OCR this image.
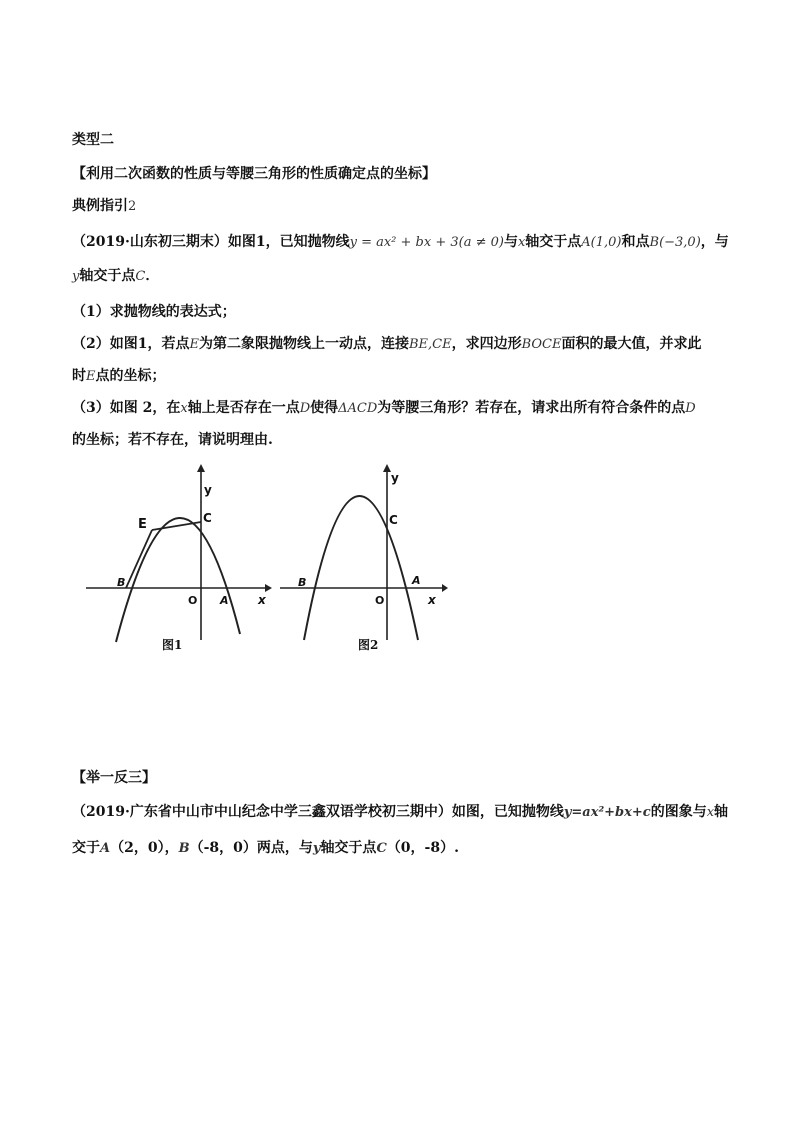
类型二
【利用二次函数的性质与等腰三角形的性质确定点的坐标】
典例指引2
（2019·山东初三期末）如图1，已知抛物线y = ax² + bx + 3(a ≠ 0)与x轴交于点A(1,0)和点B(−3,0)，与
y轴交于点C．
（1）求抛物线的表达式；
（2）如图1，若点E为第二象限抛物线上一动点，连接BE,CE，求四边形BOCE面积的最大值，并求此
时E点的坐标；
（3）如图 2，在x轴上是否存在一点D使得ΔACD为等腰三角形？若存在，请求出所有符合条件的点D
的坐标；若不存在，请说明理由.
y
x
O A
B
C
E
图1
y
x
O
A
B
C
图2
【举一反三】
（2019·广东省中山市中山纪念中学三鑫双语学校初三期中）如图，已知抛物线y=ax²+bx+c的图象与x轴
交于A（2，0），B（-8，0）两点，与y轴交于点C（0，-8）.
